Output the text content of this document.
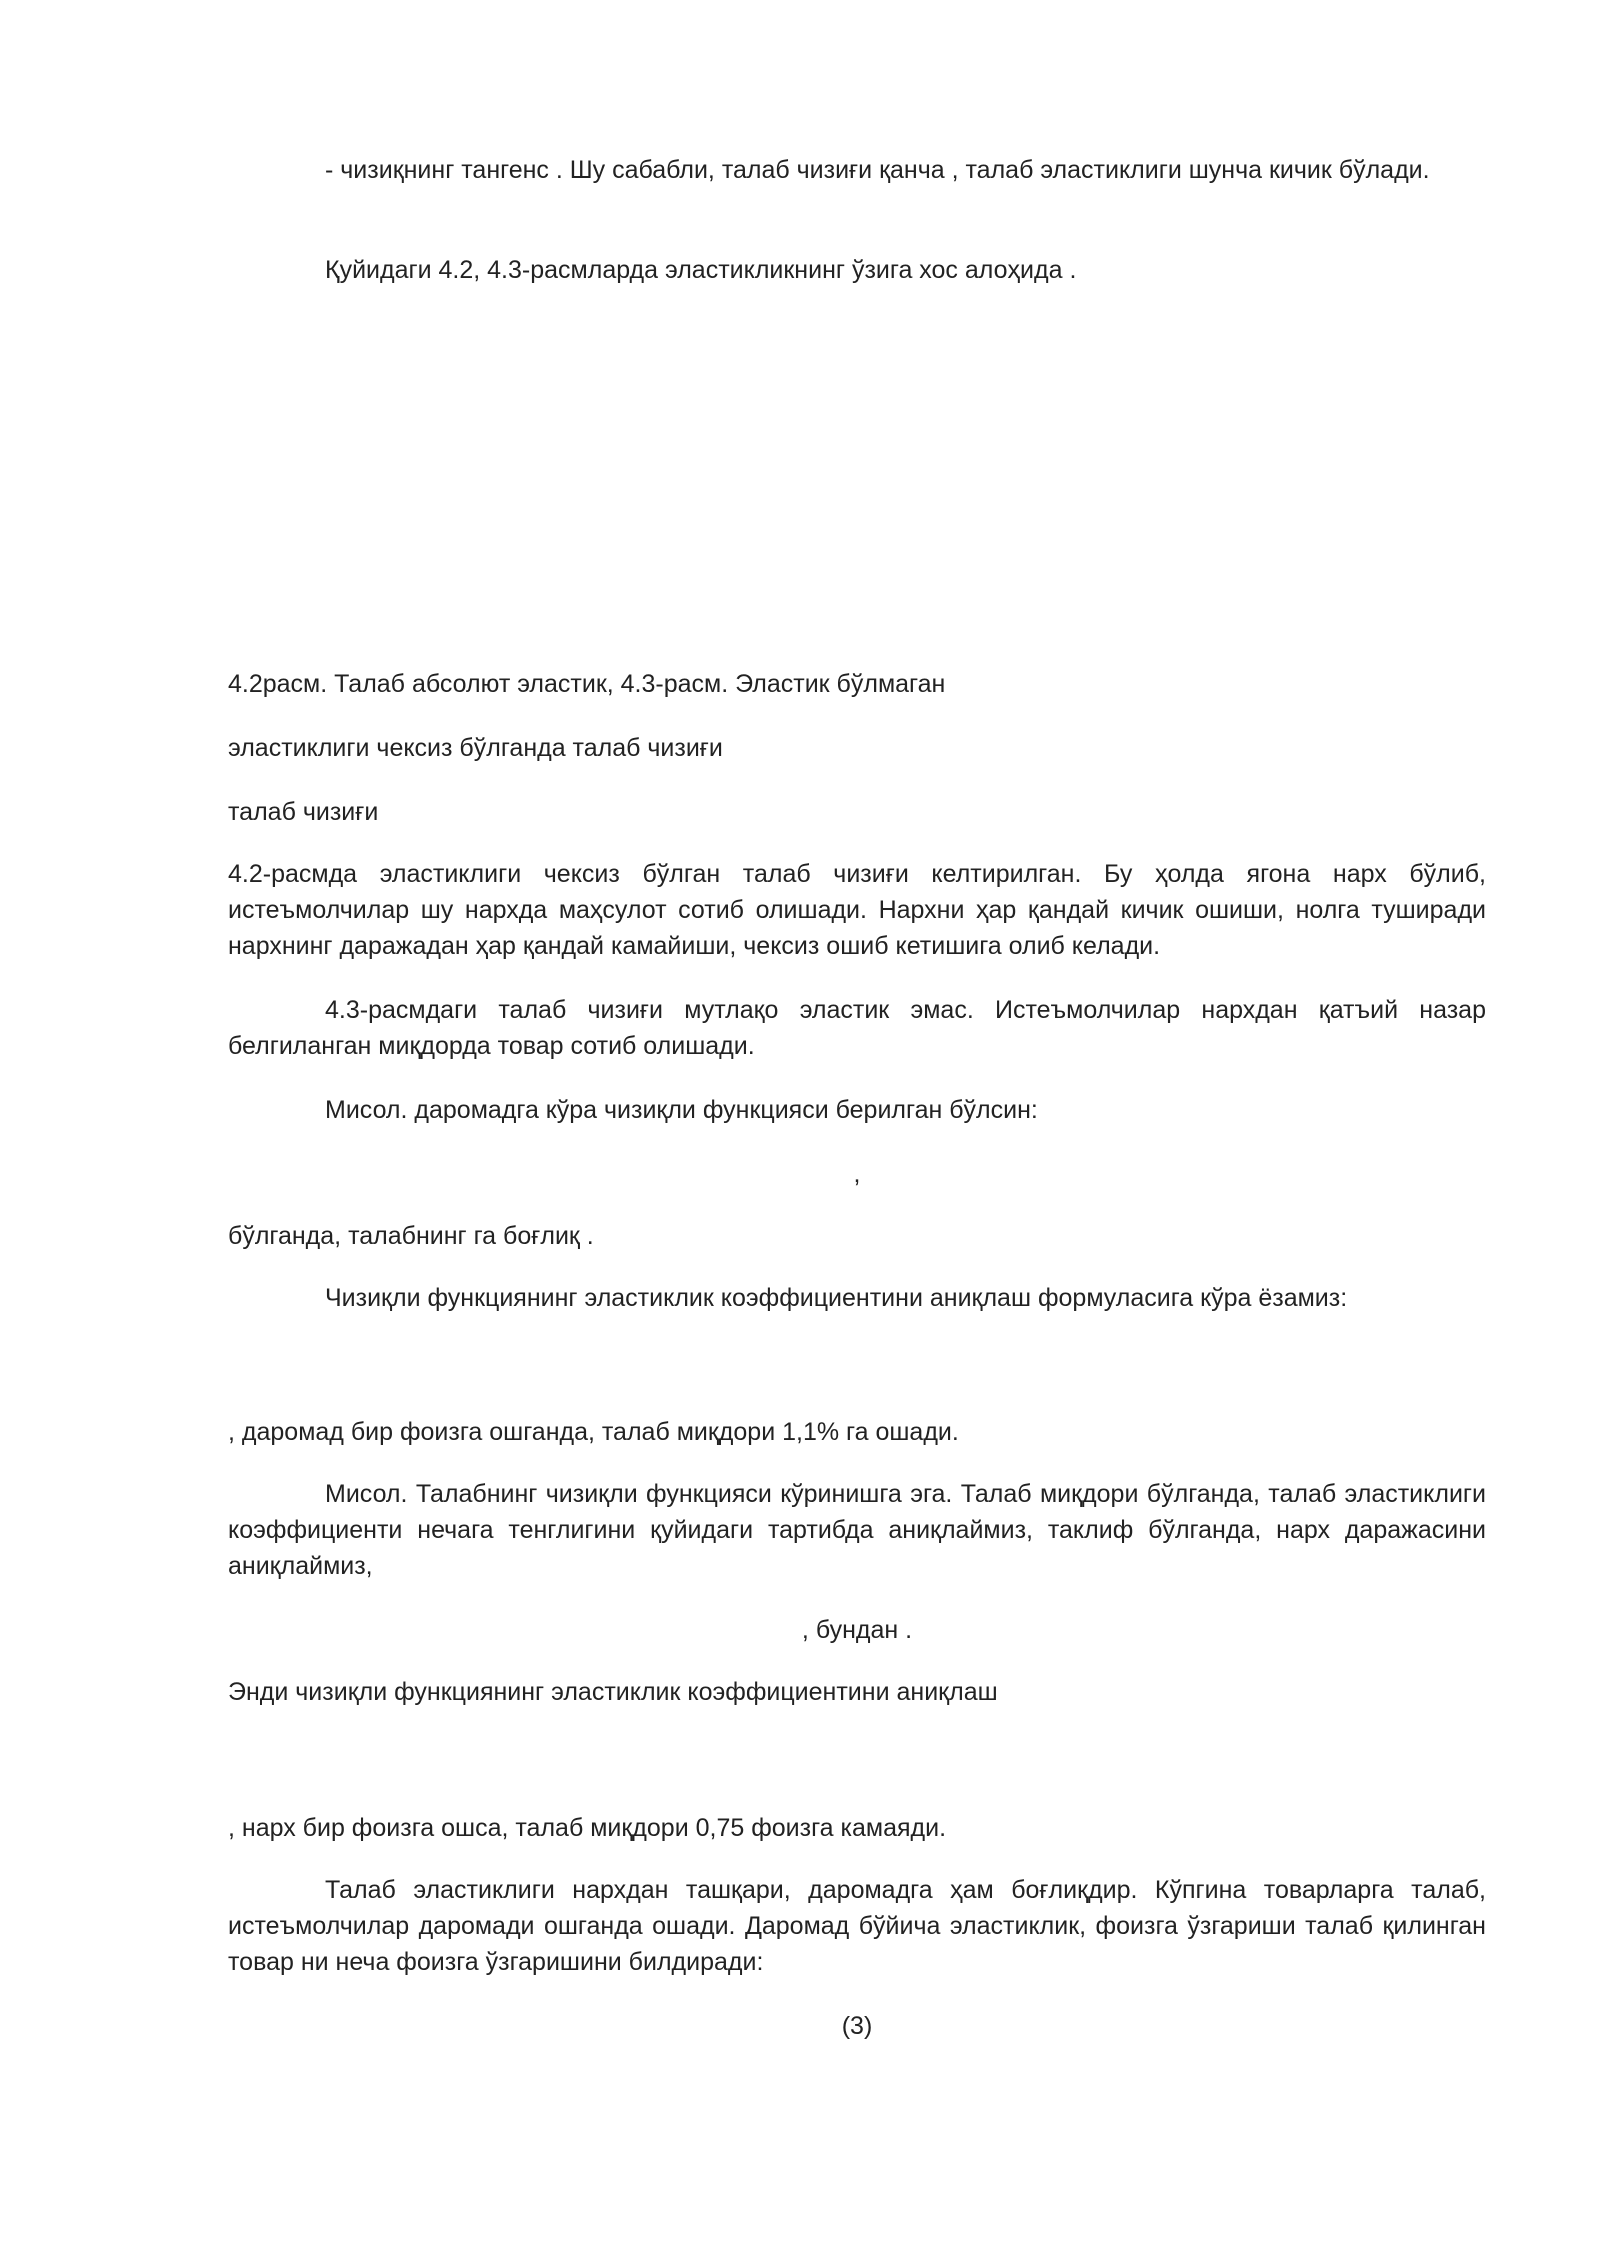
- чизиқнинг тангенс . Шу сабабли, талаб чизиғи қанча , талаб эластиклиги шунча кичик бўлади.

Қуйидаги 4.2, 4.3-расмларда эластикликнинг ўзига хос алоҳида .

4.2расм. Талаб абсолют эластик, 4.3-расм. Эластик бўлмаган

эластиклиги чексиз бўлганда талаб чизиғи

талаб чизиғи

4.2-расмда эластиклиги чексиз бўлган талаб чизиғи келтирилган. Бу ҳолда ягона нарх бўлиб, истеъмолчилар шу нархда маҳсулот сотиб олишади. Нархни ҳар қандай кичик ошиши, нолга туширади нархнинг даражадан ҳар қандай камайиши, чексиз ошиб кетишига олиб келади.

4.3-расмдаги талаб чизиғи мутлақо эластик эмас. Истеъмолчилар нархдан қатъий назар белгиланган миқдорда товар сотиб олишади.

Мисол. даромадга кўра чизиқли функцияси берилган бўлсин:

,

бўлганда, талабнинг га боғлиқ .

Чизиқли функциянинг эластиклик коэффициентини аниқлаш формуласига кўра ёзамиз:

, даромад бир фоизга ошганда, талаб миқдори 1,1% га ошади.

Мисол. Талабнинг чизиқли функцияси кўринишга эга. Талаб миқдори бўлганда, талаб эластиклиги коэффициенти нечага тенглигини қуйидаги тартибда аниқлаймиз, таклиф бўлганда, нарх даражасини аниқлаймиз,

, бундан .

Энди чизиқли функциянинг эластиклик коэффициентини аниқлаш

, нарх бир фоизга ошса, талаб миқдори 0,75 фоизга камаяди.

Талаб эластиклиги нархдан ташқари, даромадга ҳам боғлиқдир. Кўпгина товарларга талаб, истеъмолчилар даромади ошганда ошади. Даромад бўйича эластиклик, фоизга ўзгариши талаб қилинган товар ни неча фоизга ўзгаришини билдиради:

(3)
